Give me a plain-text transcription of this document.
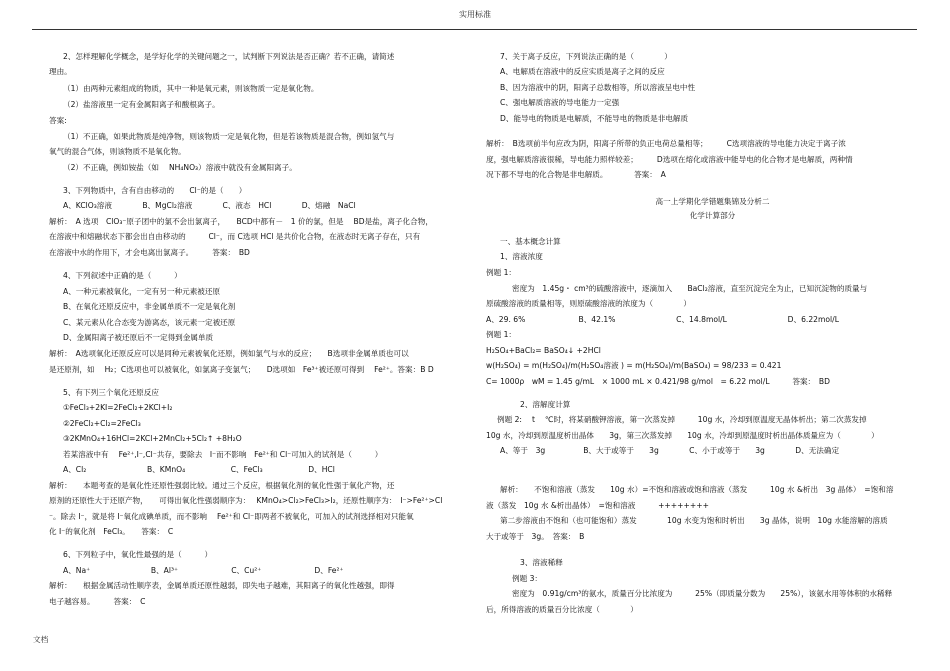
实用标准
2、怎样理解化学概念，是学好化学的关键问题之一，试判断下列说法是否正确？若不正确，请简述
理由。
（1）由两种元素组成的物质，其中一种是氧元素，则该物质一定是氧化物。
（2）盐溶液里一定有金属阳离子和酸根离子。
答案:
（1）不正确，如果此物质是纯净物，则该物质一定是氧化物，但是若该物质是混合物，例如氢气与
氧气的混合气体，则该物质不是氧化物。
（2）不正确，例如铵盐（如　 NH₄NO₃）溶液中就没有金属阳离子。
3、下列物质中，含有自由移动的　　Cl⁻的是（　　）
A、KClO₃溶液　　　　B、MgCl₂溶液　　　　C、液态　HCl　　　　D、熔融　NaCl
解析：　A 选项　ClO₃⁻原子团中的氯不会出氯离子，　　BCD中都有－　1 价的氯，但是　 BD是盐，离子化合物，
在溶液中和熔融状态下都会出自由移动的　　　Cl⁻，而 C选项 HCl 是共价化合物，在液态时无离子存在，只有
在溶液中水的作用下，才会电离出氯离子。　　　答案：　BD
4、下列叙述中正确的是（　　　）
A、一种元素被氧化，一定有另一种元素被还原
B、在氧化还原反应中，非金属单质不一定是氧化剂
C、某元素从化合态变为游离态，该元素一定被还原
D、金属阳离子被还原后不一定得到金属单质
解析：　A选项氧化还原反应可以是同种元素被氧化还原，例如氯气与水的反应；　　B选项非金属单质也可以
是还原剂，如　 H₂；C选项也可以被氧化，如氯离子变氯气；　　D选项如　Fe³⁺被还原可得到　 Fe²⁺。答案：B D
5、有下列三个氧化还原反应
①FeCl₃+2KI=2FeCl₂+2KCl+I₂
②2FeCl₂+Cl₂=2FeCl₃
③2KMnO₄+16HCl=2KCl+2MnCl₂+5Cl₂↑ +8H₂O
若某溶液中有　 Fe²⁺,I⁻,Cl⁻共存，要除去　I⁻而不影响　Fe²⁺和 Cl⁻可加入的试剂是（　　　）
A、Cl₂　　　　　　　　B、KMnO₄　　　　　　C、FeCl₃　　　　　　D、HCl
解析：　　本题考查的是氧化性还原性强弱比较。通过三个反应，根据氧化剂的氧化性强于氧化产物，还
原剂的还原性大于还原产物，　　可得出氧化性强弱顺序为：　 KMnO₄>Cl₂>FeCl₃>I₂，还原性顺序为：　I⁻>Fe²⁺>Cl
⁻。除去 I⁻，就是将 I⁻氧化成碘单质，而不影响　 Fe²⁺和 Cl⁻即两者不被氧化，可加入的试剂选择相对只能氧
化 I⁻的氧化剂　FeCl₃。　　答案：　C
6、下列粒子中，氧化性最强的是（　　　）
A、Na⁺　　　　　　　　B、Al³⁺　　　　　　　C、Cu²⁺　　　　　　　D、Fe²⁺
解析：　　根据金属活动性顺序表，金属单质还原性越弱，即失电子越难，其阳离子的氧化性越强，即得
电子越容易。　　　答案：　C
7、关于离子反应，下列说法正确的是（　　　　）
A、电解质在溶液中的反应实质是离子之间的反应
B、因为溶液中的阴，阳离子总数相等，所以溶液呈电中性
C、强电解质溶液的导电能力一定强
D、能导电的物质是电解质，不能导电的物质是非电解质
解析：　B选项前半句应改为阴，阳离子所带的负正电荷总量相等；　　　C选项溶液的导电能力决定于离子浓
度，强电解质溶液很稀，导电能力照样较差；　　　D选项在熔化或溶液中能导电的化合物才是电解质，两种情
况下都不导电的化合物是非电解质。　　　　答案：　A
高一上学期化学错题集锦及分析二
化学计算部分
一、基本概念计算
1、溶液浓度
例题 1：
密度为　1.45g・ cm³的硫酸溶液中，逐滴加入　　BaCl₂溶液，直至沉淀完全为止，已知沉淀物的质量与
原硫酸溶液的质量相等，则原硫酸溶液的浓度为（　　　　）
A、29. 6%　　　　　　　B、42.1%　　　　　　　　C、14.8mol/L　　　　　　　　D、6.22mol/L
例题 1：
H₂SO₄+BaCl₂= BaSO₄↓ +2HCl
w(H₂SO₄) = m(H₂SO₄)/m(H₂SO₄溶液 ) = m(H₂SO₄)/m(BaSO₄) = 98/233 = 0.421
C= 1000ρ　wM = 1.45 g/mL　× 1000 mL × 0.421/98 g/mol　= 6.22 mol/L　　　答案：　BD
2、溶解度计算
例题 2:　 t 　℃时，将某硝酸钾溶液，第一次蒸发掉　　　10g 水，冷却到原温度无晶体析出；第二次蒸发掉
10g 水，冷却到原温度析出晶体　　3g，第三次蒸发掉　　10g 水，冷却到原温度时析出晶体质量应为（　　　　）
A、等于　3g　　　　　B、大于或等于　　3g　　　　C、小于或等于　　3g　　　　D、无法确定
解析：　　不饱和溶液（蒸发　　10g 水）=不饱和溶液或饱和溶液（蒸发　　　10g 水 &析出　3g 晶体）　=饱和溶
液（蒸发　10g 水 &析出晶体）　=饱和溶液　　　++++++++
第二步溶液由不饱和（也可能饱和）蒸发　　　　10g 水变为饱和时析出　　3g 晶体，说明　10g 水能溶解的溶质
大于或等于　3g。　答案：　B
3、溶液稀释
例题 3：
密度为　0.91g/cm³的氨水，质量百分比浓度为　　　25%（即质量分数为　　25%），该氨水用等体积的水稀释
后，所得溶液的质量百分比浓度（　　　　）
文档
